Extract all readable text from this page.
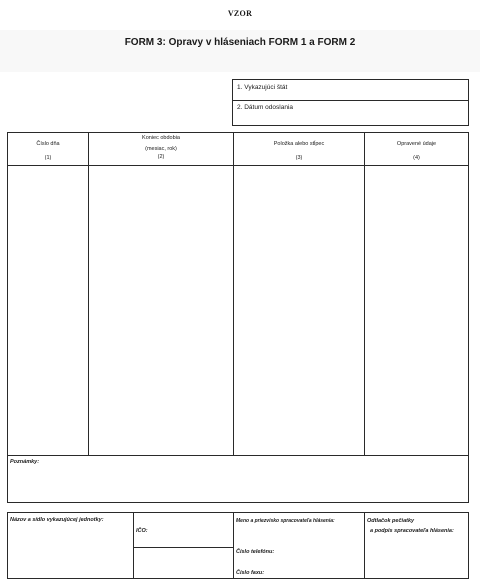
VZOR
FORM 3: Opravy v hláseniach FORM 1 a FORM 2
1. Vykazujúci štát
2. Dátum odoslania
Číslo dňa
(1)
Koniec obdobia
(mesiac, rok)
(2)
Položka alebo stĺpec
(3)
Opravené údaje
(4)
Poznámky:
Názov a sídlo vykazujúcej jednotky:
IČO:
Meno a priezvisko spracovateľa hlásenia:
Číslo telefónu:
Číslo faxu:
Odtlačok pečiatky
a podpis spracovateľa hlásenia:
